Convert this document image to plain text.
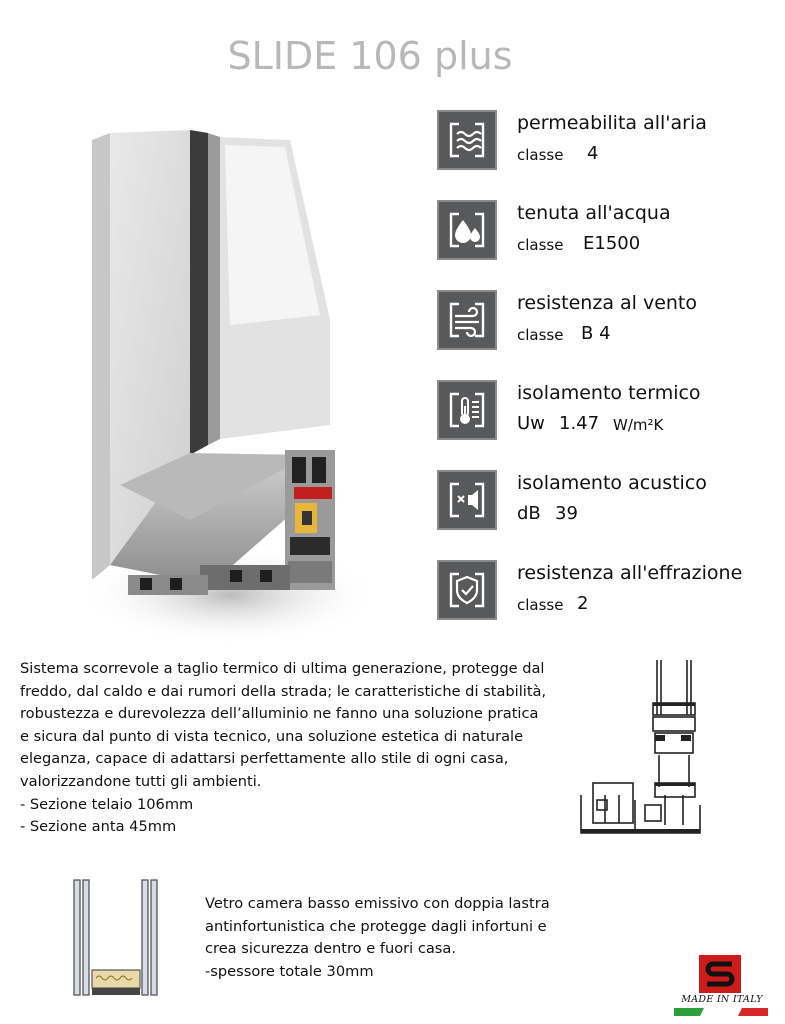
SLIDE 106 plus
permeabilita all'aria
classe 4
tenuta all'acqua
classe E1500
resistenza al vento
classe B 4
isolamento termico
Uw 1.47 W/m²K
isolamento acustico
dB 39
resistenza all'effrazione
classe 2

Sistema scorrevole a taglio termico di ultima generazione, protegge dal freddo, dal caldo e dai rumori della strada; le caratteristiche di stabilità, robustezza e durevolezza dell’alluminio ne fanno una soluzione pratica e sicura dal punto di vista tecnico, una soluzione estetica di naturale eleganza, capace di adattarsi perfettamente allo stile di ogni casa, valorizzandone tutti gli ambienti.

- Sezione telaio 106mm

- Sezione anta 45mm

Vetro camera basso emissivo con doppia lastra

antinfortunistica che protegge dagli infortuni e

crea sicurezza dentro e fuori casa.

-spessore totale 30mm

MADE IN ITALY
